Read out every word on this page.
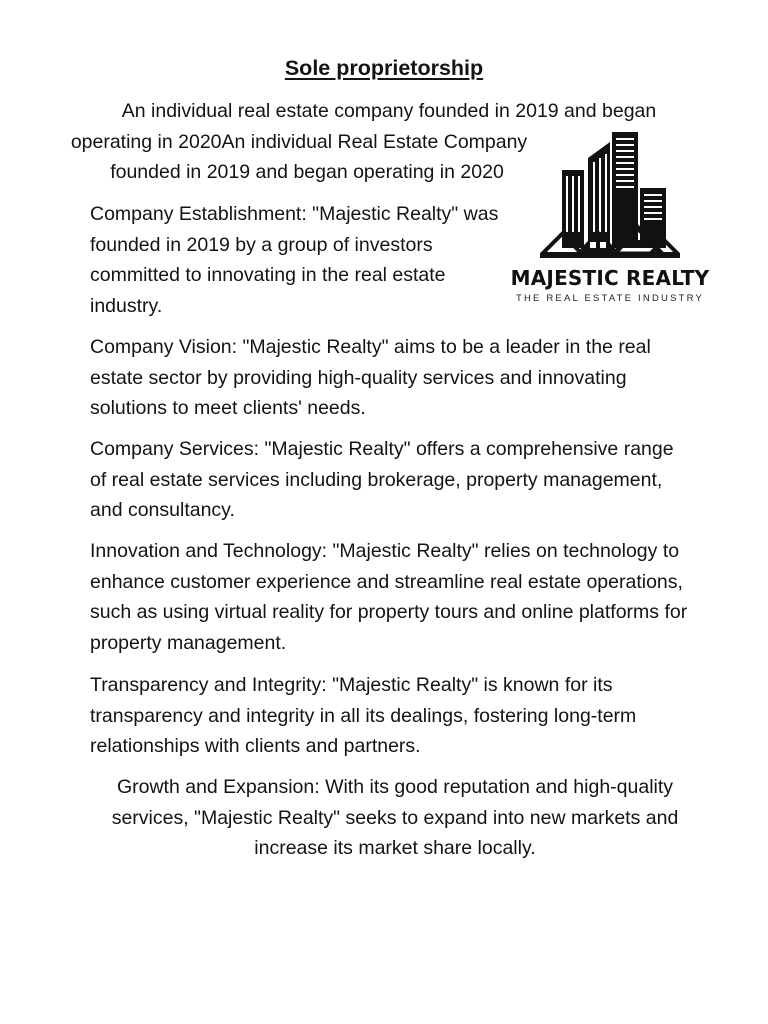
Sole proprietorship

An individual real estate company founded in 2019 and began
operating in 2020An individual Real Estate Company
founded in 2019 and began operating in 2020

Company Establishment: "Majestic Realty" was founded in 2019 by a group of investors committed to innovating in the real estate industry.

MAJESTIC REALTY
THE REAL ESTATE INDUSTRY

Company Vision: "Majestic Realty" aims to be a leader in the real estate sector by providing high-quality services and innovating solutions to meet clients' needs.

Company Services: "Majestic Realty" offers a comprehensive range of real estate services including brokerage, property management, and consultancy.

Innovation and Technology: "Majestic Realty" relies on technology to enhance customer experience and streamline real estate operations, such as using virtual reality for property tours and online platforms for property management.

Transparency and Integrity: "Majestic Realty" is known for its transparency and integrity in all its dealings, fostering long-term relationships with clients and partners.

Growth and Expansion: With its good reputation and high-quality services, "Majestic Realty" seeks to expand into new markets and increase its market share locally.
